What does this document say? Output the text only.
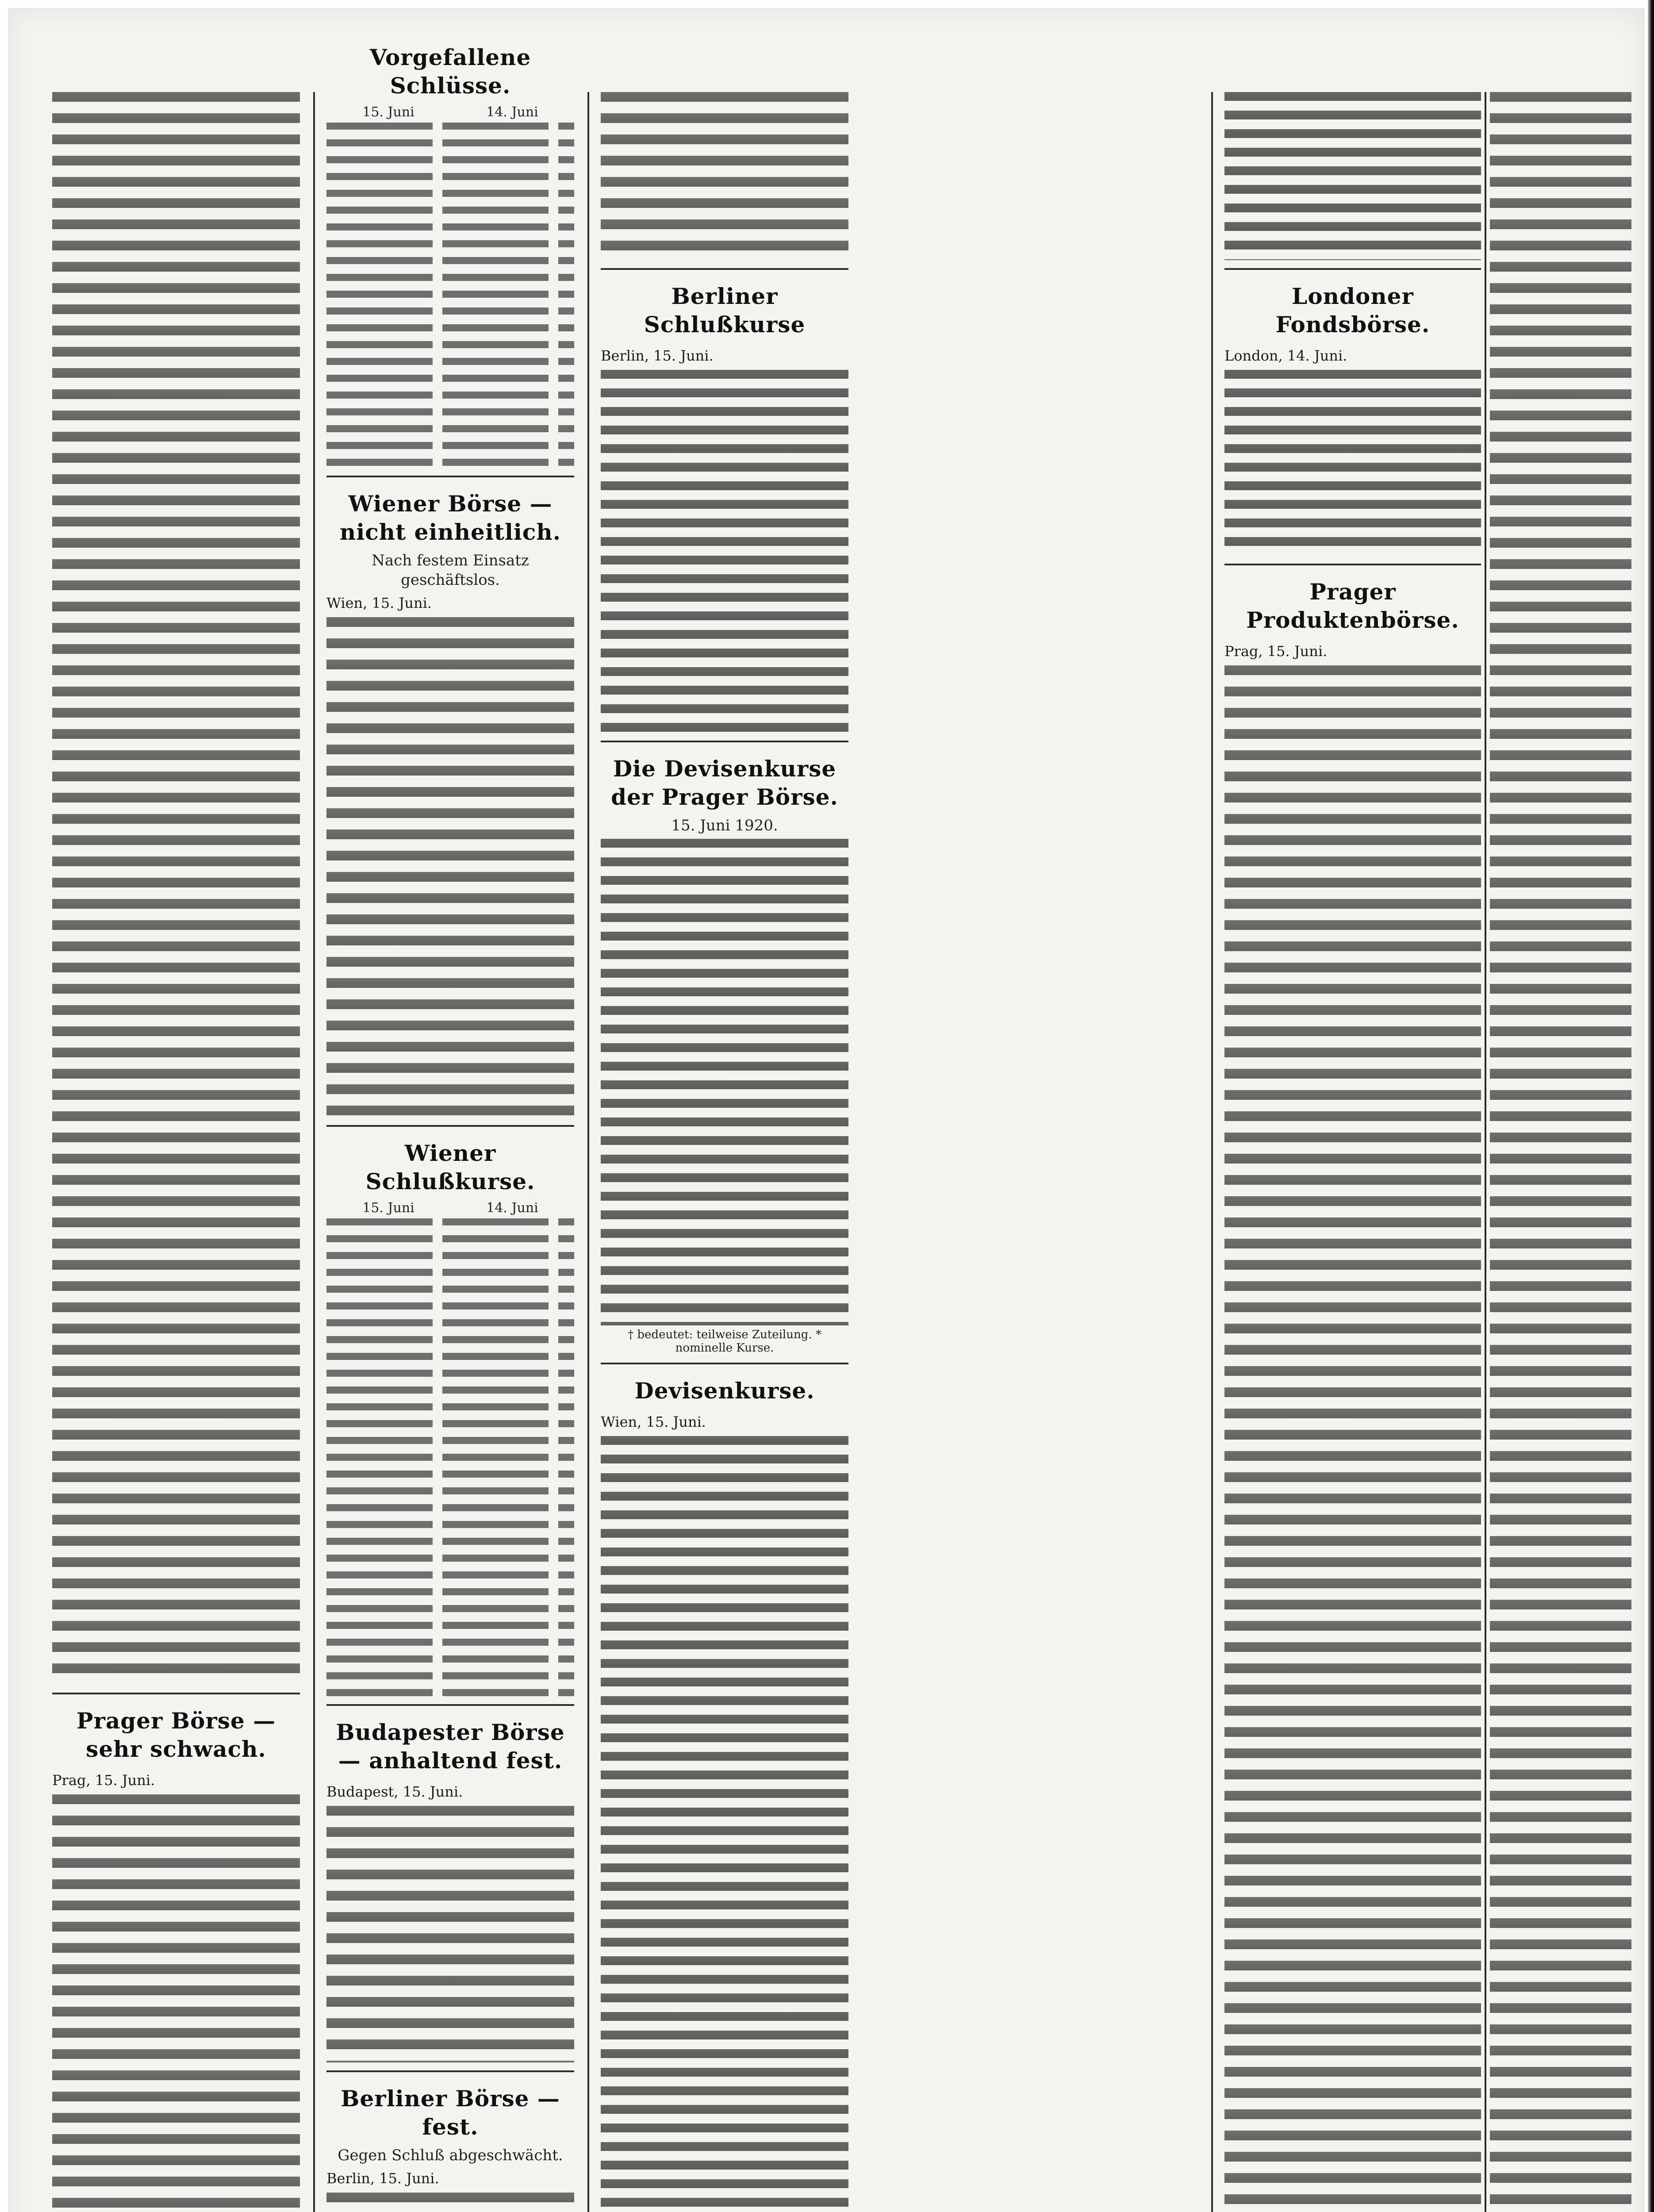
Prager Börse — sehr schwach.

Prag, 15. Juni.

Vorgefallene Schlüsse.
15. Juni	14. Juni
Wiener Börse — nicht einheitlich.

Nach festem Einsatz geschäftslos.

Wien, 15. Juni.

Wiener Schlußkurse.
15. Juni	14. Juni
Budapester Börse — anhaltend fest.

Budapest, 15. Juni.

Berliner Börse — fest.

Gegen Schluß abgeschwächt.

Berlin, 15. Juni.

Berliner Schlußkurse

Berlin, 15. Juni.

Die Devisenkurse der Prager Börse.

15. Juni 1920.

† bedeutet: teilweise Zuteilung. * nominelle Kurse.

Devisenkurse.

Wien, 15. Juni.

Londoner Fondsbörse.

London, 14. Juni.

Prager Produktenbörse.

Prag, 15. Juni.
